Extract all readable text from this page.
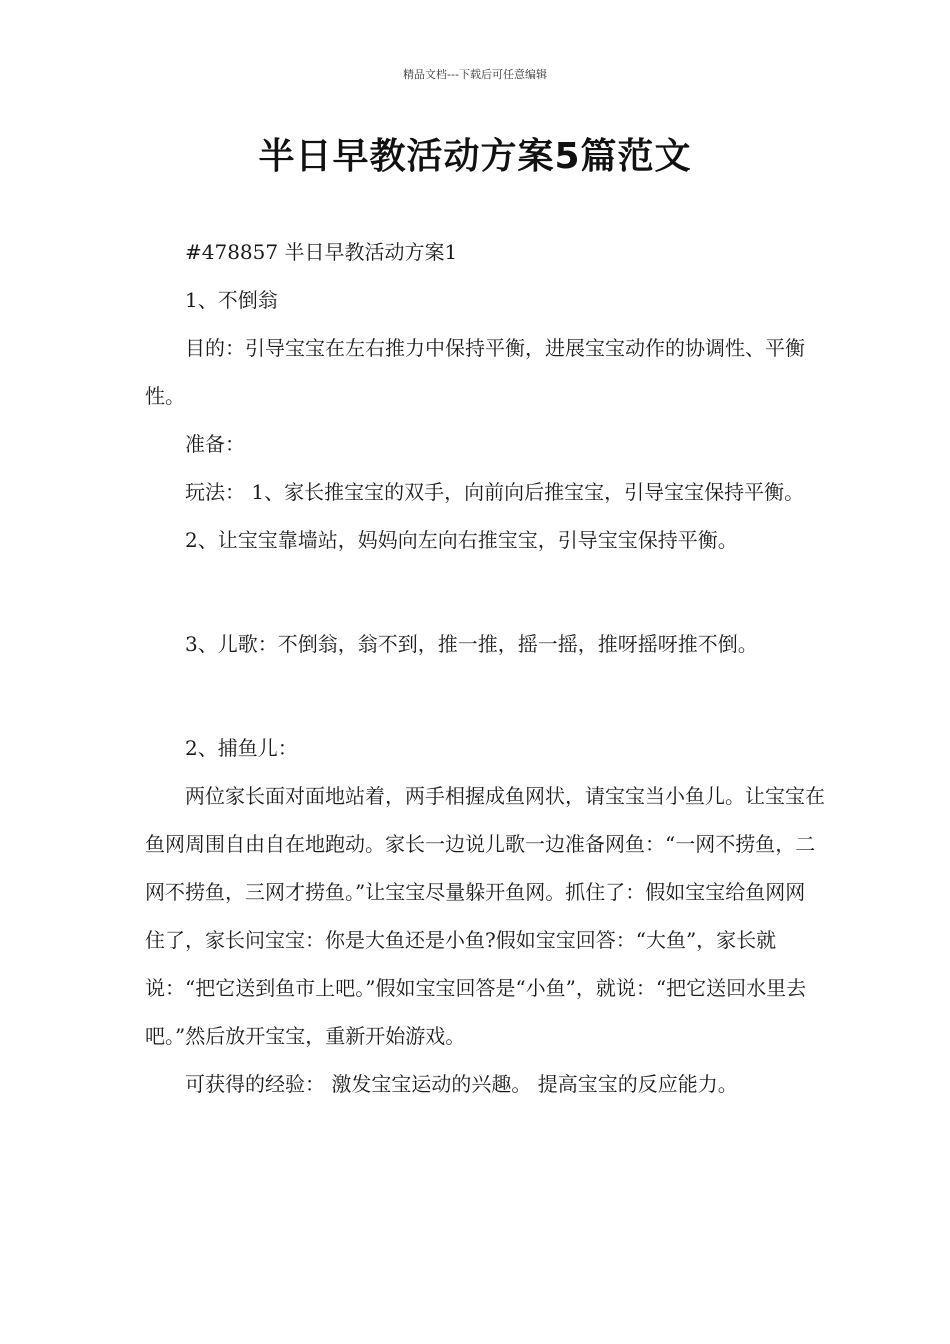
精品文档---下载后可任意编辑
半日早教活动方案5篇范文

#478857 半日早教活动方案1

1、不倒翁

目的：引导宝宝在左右推力中保持平衡，进展宝宝动作的协调性、平衡性。

准备：

玩法： 1、家长推宝宝的双手，向前向后推宝宝，引导宝宝保持平衡。

2、让宝宝靠墙站，妈妈向左向右推宝宝，引导宝宝保持平衡。

3、儿歌：不倒翁，翁不到，推一推，摇一摇，推呀摇呀推不倒。

2、捕鱼儿：

两位家长面对面地站着，两手相握成鱼网状，请宝宝当小鱼儿。让宝宝在鱼网周围自由自在地跑动。家长一边说儿歌一边准备网鱼：“一网不捞鱼，二网不捞鱼，三网才捞鱼。”让宝宝尽量躲开鱼网。抓住了：假如宝宝给鱼网网住了，家长问宝宝：你是大鱼还是小鱼?假如宝宝回答：“大鱼”，家长就说：“把它送到鱼市上吧。”假如宝宝回答是“小鱼”，就说：“把它送回水里去吧。”然后放开宝宝，重新开始游戏。

可获得的经验： 激发宝宝运动的兴趣。 提高宝宝的反应能力。
